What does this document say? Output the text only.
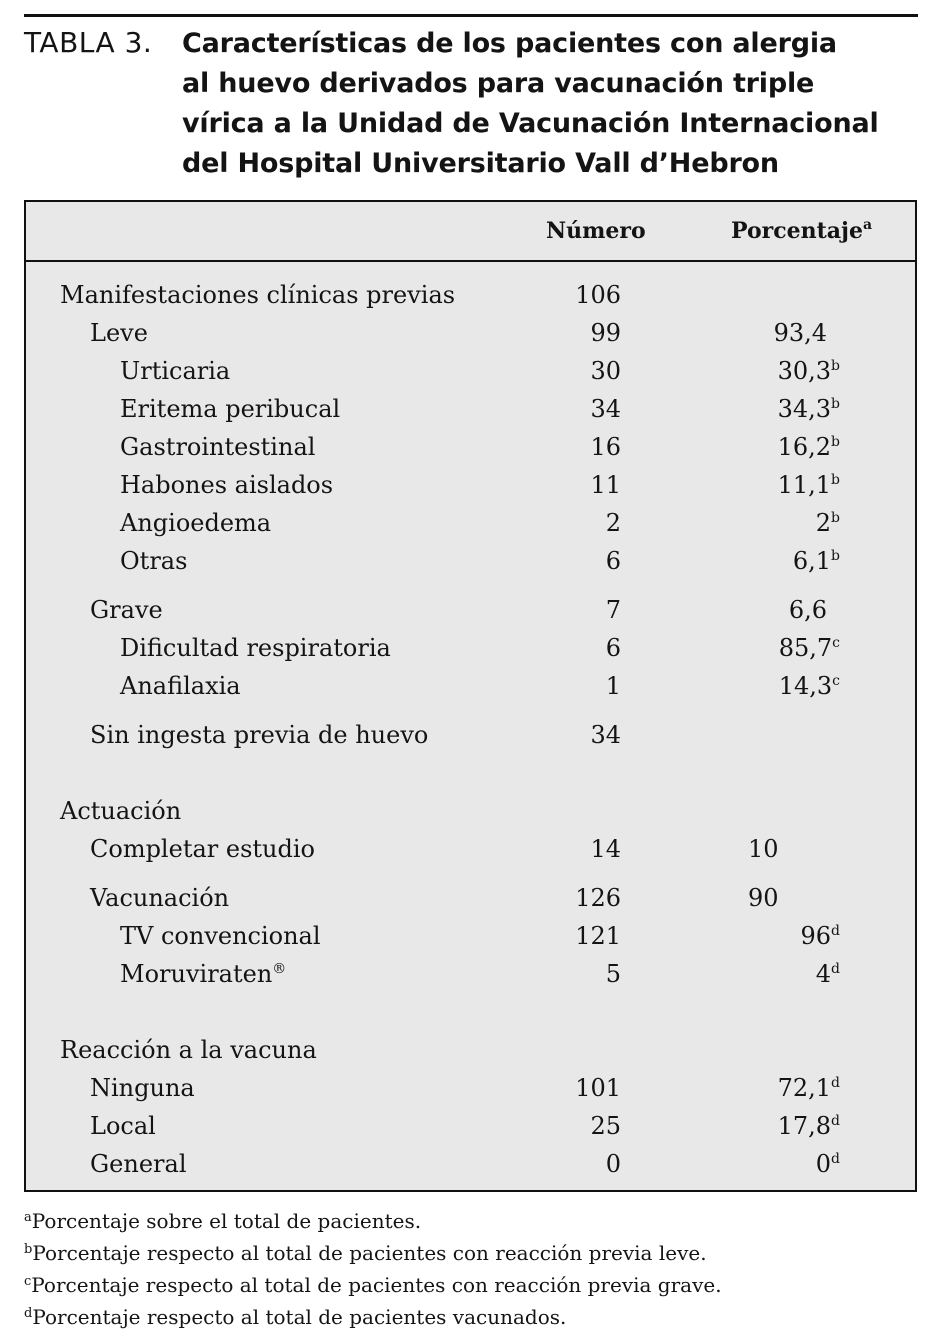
TABLA 3. Características de los pacientes con alergia
al huevo derivados para vacunación triple
vírica a la Unidad de Vacunación Internacional
del Hospital Universitario Vall d’Hebron
Número	Porcentaje$^a$
Manifestaciones clínicas previas	106
Leve	99	93,4
Urticaria	30	30,3$^b$
Eritema peribucal	34	34,3$^b$
Gastrointestinal	16	16,2$^b$
Habones aislados	11	11,1$^b$
Angioedema	2	2$^b$
Otras	6	6,1$^b$
Grave	7	6,6
Dificultad respiratoria	6	85,7$^c$
Anafilaxia	1	14,3$^c$
Sin ingesta previa de huevo	34
Actuación
Completar estudio	14	10
Vacunación	126	90
TV convencional	121	96$^d$
Moruviraten®	5	4$^d$
Reacción a la vacuna
Ninguna	101	72,1$^d$
Local	25	17,8$^d$
General	0	0$^d$
$^a$Porcentaje sobre el total de pacientes.
$^b$Porcentaje respecto al total de pacientes con reacción previa leve.
$^c$Porcentaje respecto al total de pacientes con reacción previa grave.
$^d$Porcentaje respecto al total de pacientes vacunados.
